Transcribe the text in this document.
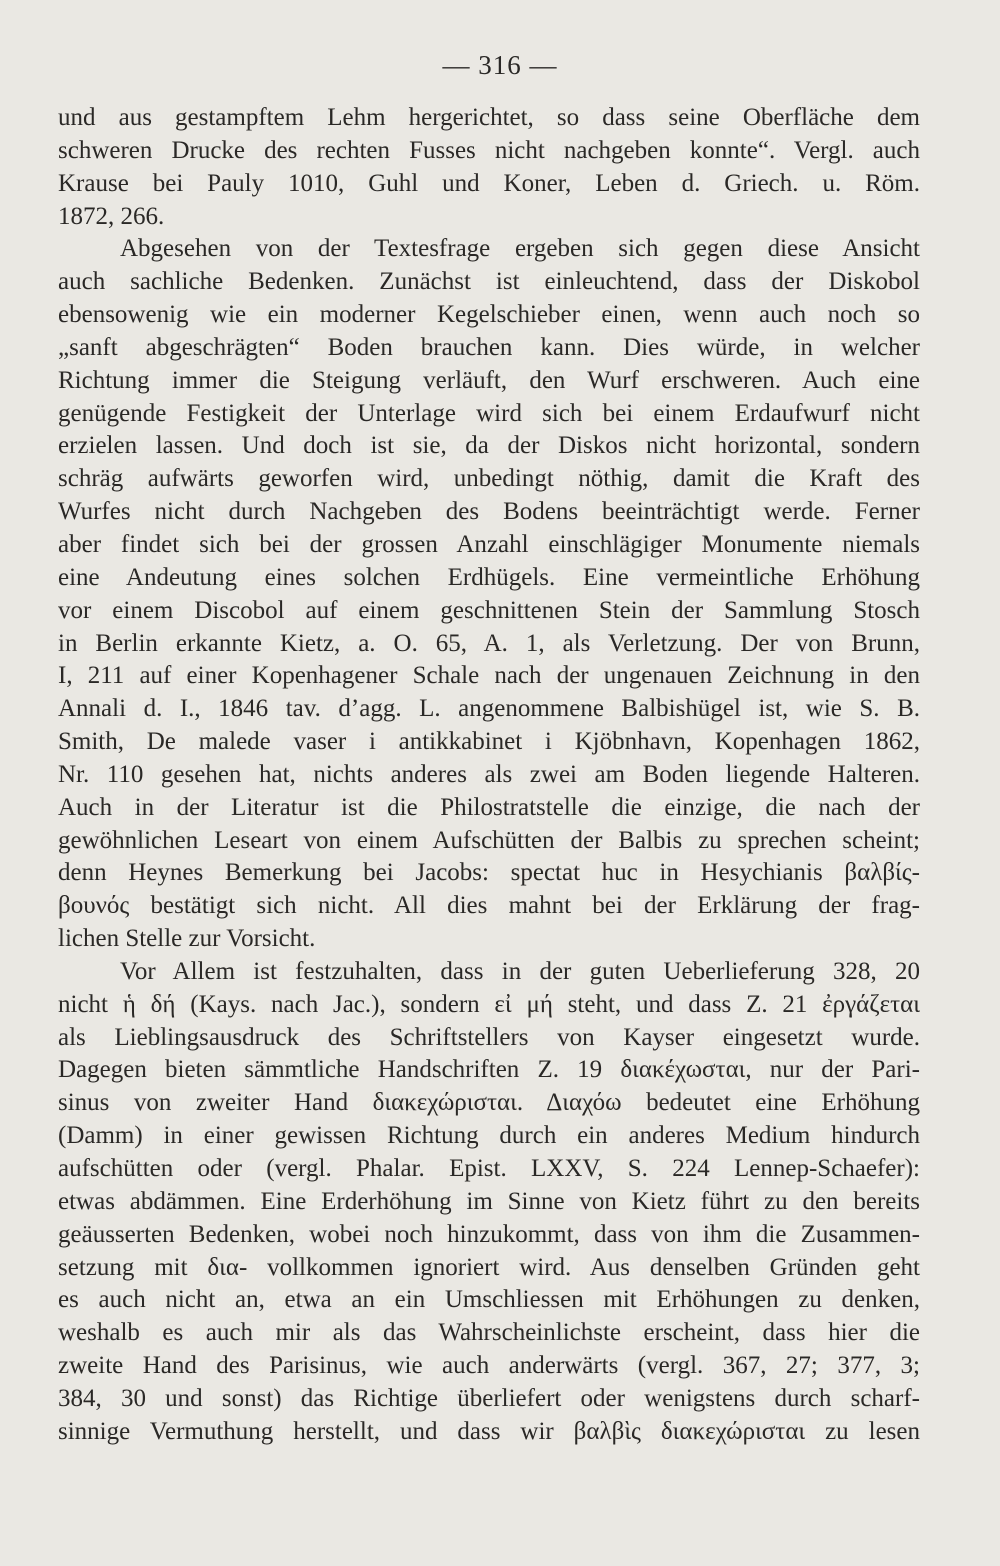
— 316 —
und aus gestampftem Lehm hergerichtet, so dass seine Oberfläche dem
schweren Drucke des rechten Fusses nicht nachgeben konnte“. Vergl. auch
Krause bei Pauly 1010, Guhl und Koner, Leben d. Griech. u. Röm.
1872, 266.
Abgesehen von der Textesfrage ergeben sich gegen diese Ansicht
auch sachliche Bedenken. Zunächst ist einleuchtend, dass der Diskobol
ebensowenig wie ein moderner Kegelschieber einen, wenn auch noch so
„sanft abgeschrägten“ Boden brauchen kann. Dies würde, in welcher
Richtung immer die Steigung verläuft, den Wurf erschweren. Auch eine
genügende Festigkeit der Unterlage wird sich bei einem Erdaufwurf nicht
erzielen lassen. Und doch ist sie, da der Diskos nicht horizontal, sondern
schräg aufwärts geworfen wird, unbedingt nöthig, damit die Kraft des
Wurfes nicht durch Nachgeben des Bodens beeinträchtigt werde. Ferner
aber findet sich bei der grossen Anzahl einschlägiger Monumente niemals
eine Andeutung eines solchen Erdhügels. Eine vermeintliche Erhöhung
vor einem Discobol auf einem geschnittenen Stein der Sammlung Stosch
in Berlin erkannte Kietz, a. O. 65, A. 1, als Verletzung. Der von Brunn,
I, 211 auf einer Kopenhagener Schale nach der ungenauen Zeichnung in den
Annali d. I., 1846 tav. d’agg. L. angenommene Balbishügel ist, wie S. B.
Smith, De malede vaser i antikkabinet i Kjöbnhavn, Kopenhagen 1862,
Nr. 110 gesehen hat, nichts anderes als zwei am Boden liegende Halteren.
Auch in der Literatur ist die Philostratstelle die einzige, die nach der
gewöhnlichen Leseart von einem Aufschütten der Balbis zu sprechen scheint;
denn Heynes Bemerkung bei Jacobs: spectat huc in Hesychianis βαλβίς-
βουνός bestätigt sich nicht. All dies mahnt bei der Erklärung der frag-
lichen Stelle zur Vorsicht.
Vor Allem ist festzuhalten, dass in der guten Ueberlieferung 328, 20
nicht ἡ δή (Kays. nach Jac.), sondern εἰ μή steht, und dass Z. 21 ἐργάζεται
als Lieblingsausdruck des Schriftstellers von Kayser eingesetzt wurde.
Dagegen bieten sämmtliche Handschriften Z. 19 διακέχωσται, nur der Pari-
sinus von zweiter Hand διακεχώρισται. Διαχόω bedeutet eine Erhöhung
(Damm) in einer gewissen Richtung durch ein anderes Medium hindurch
aufschütten oder (vergl. Phalar. Epist. LXXV, S. 224 Lennep-Schaefer):
etwas abdämmen. Eine Erderhöhung im Sinne von Kietz führt zu den bereits
geäusserten Bedenken, wobei noch hinzukommt, dass von ihm die Zusammen-
setzung mit δια- vollkommen ignoriert wird. Aus denselben Gründen geht
es auch nicht an, etwa an ein Umschliessen mit Erhöhungen zu denken,
weshalb es auch mir als das Wahrscheinlichste erscheint, dass hier die
zweite Hand des Parisinus, wie auch anderwärts (vergl. 367, 27; 377, 3;
384, 30 und sonst) das Richtige überliefert oder wenigstens durch scharf-
sinnige Vermuthung herstellt, und dass wir βαλβὶς διακεχώρισται zu lesen
